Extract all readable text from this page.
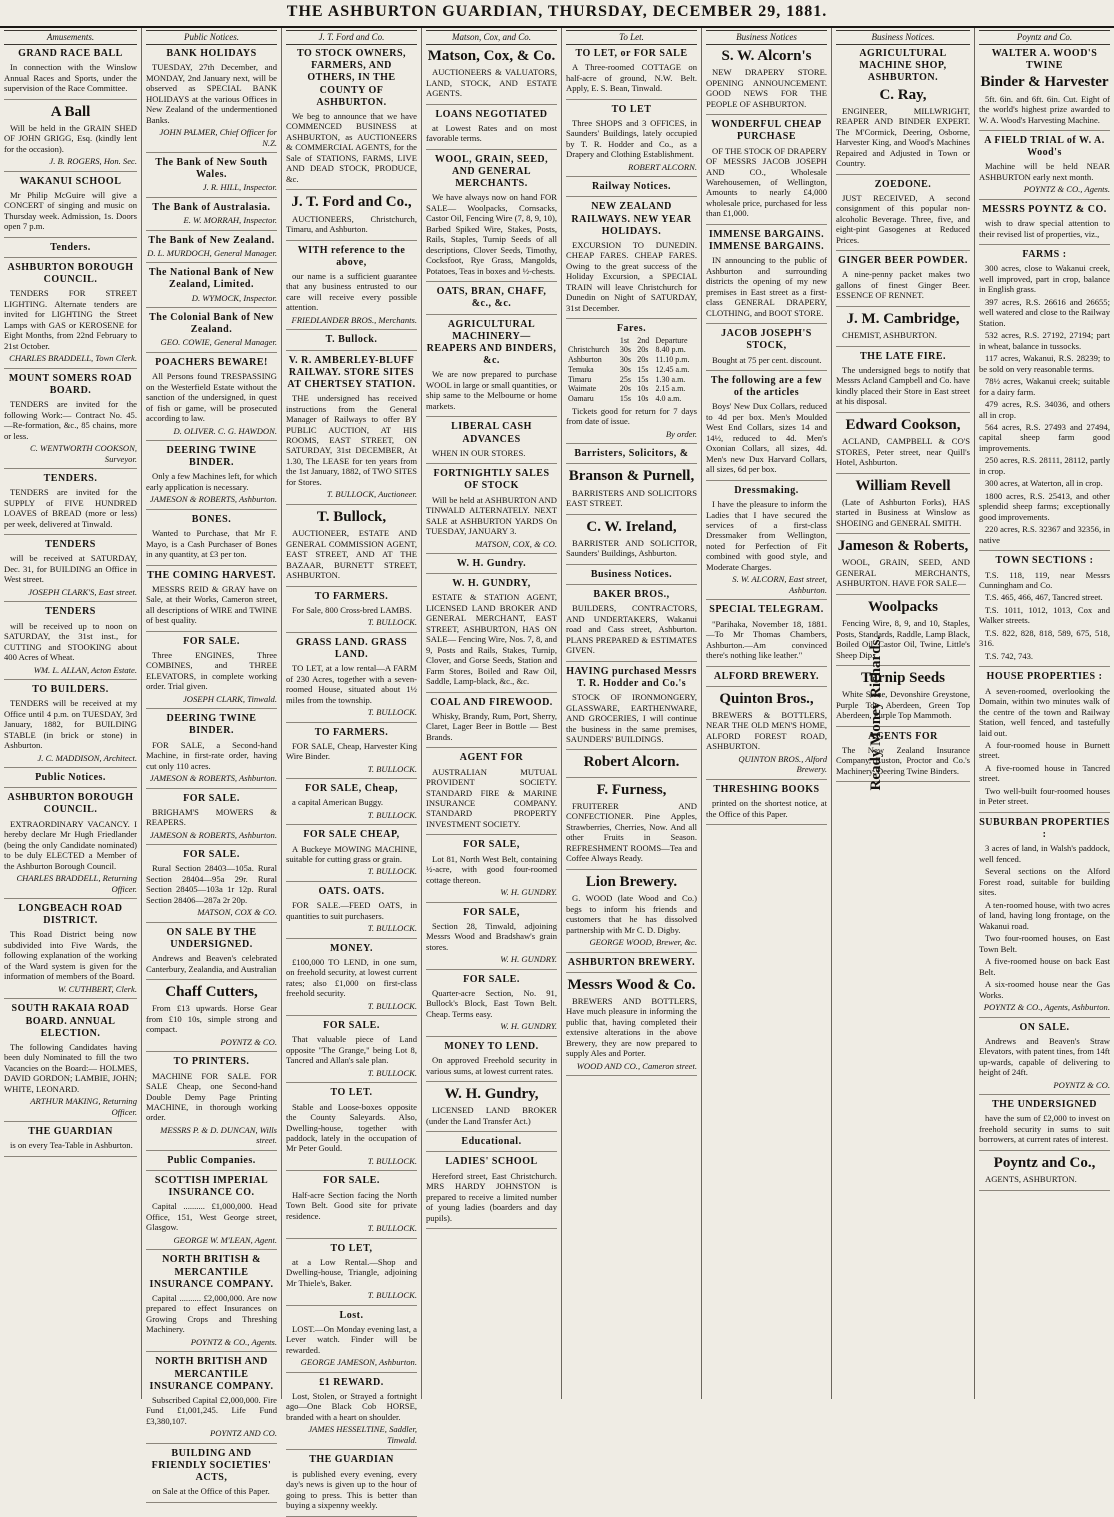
THE ASHBURTON GUARDIAN, THURSDAY, DECEMBER 29, 1881.
Amusements.
GRAND RACE BALL
In connection with the Winslow Annual Races and Sports, under the supervision of the Race Committee.
A Ball
Will be held in the GRAIN SHED OF JOHN GRIGG, Esq. (kindly lent for the occasion).
J. B. ROGERS, Hon. Sec.
WAKANUI SCHOOL
Mr Philip McGuire will give a CONCERT of singing and music on Thursday week. Admission, 1s. Doors open 7 p.m.
Tenders.
ASHBURTON BOROUGH COUNCIL.
TENDERS FOR STREET LIGHTING. Alternate tenders are invited for LIGHTING the Street Lamps with GAS or KEROSENE for Eight Months, from 22nd February to 21st October.
CHARLES BRADDELL, Town Clerk.
MOUNT SOMERS ROAD BOARD.
TENDERS are invited for the following Work:— Contract No. 45.—Re-formation, &c., 85 chains, more or less.
C. WENTWORTH COOKSON, Surveyor.
TENDERS.
TENDERS are invited for the SUPPLY of FIVE HUNDRED LOAVES of BREAD (more or less) per week, delivered at Tinwald.
TENDERS
will be received at SATURDAY, Dec. 31, for BUILDING an Office in West street.
JOSEPH CLARK'S, East street.
TENDERS
will be received up to noon on SATURDAY, the 31st inst., for CUTTING and STOOKING about 400 Acres of Wheat.
WM. L. ALLAN, Acton Estate.
TO BUILDERS.
TENDERS will be received at my Office until 4 p.m. on TUESDAY, 3rd January, 1882, for BUILDING STABLE (in brick or stone) in Ashburton.
J. C. MADDISON, Architect.
Public Notices.
ASHBURTON BOROUGH COUNCIL.
EXTRAORDINARY VACANCY. I hereby declare Mr Hugh Friedlander (being the only Candidate nominated) to be duly ELECTED a Member of the Ashburton Borough Council.
CHARLES BRADDELL, Returning Officer.
LONGBEACH ROAD DISTRICT.
This Road District being now subdivided into Five Wards, the following explanation of the working of the Ward system is given for the information of members of the Board.
W. CUTHBERT, Clerk.
SOUTH RAKAIA ROAD BOARD. ANNUAL ELECTION.
The following Candidates having been duly Nominated to fill the two Vacancies on the Board:— HOLMES, DAVID GORDON; LAMBIE, JOHN; WHITE, LEONARD.
ARTHUR MAKING, Returning Officer.
THE GUARDIAN
is on every Tea-Table in Ashburton.
Public Notices.
BANK HOLIDAYS
TUESDAY, 27th December, and MONDAY, 2nd January next, will be observed as SPECIAL BANK HOLIDAYS at the various Offices in New Zealand of the undermentioned Banks.
JOHN PALMER, Chief Officer for N.Z.
The Bank of New South Wales.
J. R. HILL, Inspector.
The Bank of Australasia.
E. W. MORRAH, Inspector.
The Bank of New Zealand.
D. L. MURDOCH, General Manager.
The National Bank of New Zealand, Limited.
D. WYMOCK, Inspector.
The Colonial Bank of New Zealand.
GEO. COWIE, General Manager.
POACHERS BEWARE!
All Persons found TRESPASSING on the Westerfield Estate without the sanction of the undersigned, in quest of fish or game, will be prosecuted according to law.
D. OLIVER. C. G. HAWDON.
DEERING TWINE BINDER.
Only a few Machines left, for which early application is necessary.
JAMESON & ROBERTS, Ashburton.
BONES.
Wanted to Purchase, that Mr F. Mayo, is a Cash Purchaser of Bones in any quantity, at £3 per ton.
THE COMING HARVEST.
MESSRS REID & GRAY have on Sale, at their Works, Cameron street, all descriptions of WIRE and TWINE of best quality.
FOR SALE.
Three ENGINES, Three COMBINES, and THREE ELEVATORS, in complete working order. Trial given.
JOSEPH CLARK, Tinwald.
DEERING TWINE BINDER.
FOR SALE, a Second-hand Machine, in first-rate order, having cut only 110 acres.
JAMESON & ROBERTS, Ashburton.
FOR SALE.
BRIGHAM'S MOWERS & REAPERS.
JAMESON & ROBERTS, Ashburton.
FOR SALE.
Rural Section 28403—105a. Rural Section 28404—95a 29r. Rural Section 28405—103a 1r 12p. Rural Section 28406—287a 2r 20p.
MATSON, COX & CO.
ON SALE BY THE UNDERSIGNED.
Andrews and Beaven's celebrated Canterbury, Zealandia, and Australian
Chaff Cutters,
From £13 upwards. Horse Gear from £10 10s, simple strong and compact.
POYNTZ & CO.
TO PRINTERS.
MACHINE FOR SALE. FOR SALE Cheap, one Second-hand Double Demy Page Printing MACHINE, in thorough working order.
MESSRS P. & D. DUNCAN, Wills street.
Public Companies.
SCOTTISH IMPERIAL INSURANCE CO.
Capital .......... £1,000,000. Head Office, 151, West George street, Glasgow.
GEORGE W. M'LEAN, Agent.
NORTH BRITISH & MERCANTILE INSURANCE COMPANY.
Capital .......... £2,000,000. Are now prepared to effect Insurances on Growing Crops and Threshing Machinery.
POYNTZ & CO., Agents.
NORTH BRITISH AND MERCANTILE INSURANCE COMPANY.
Subscribed Capital £2,000,000. Fire Fund £1,001,245. Life Fund £3,380,107.
POYNTZ AND CO.
BUILDING AND FRIENDLY SOCIETIES' ACTS,
on Sale at the Office of this Paper.
J. T. Ford and Co.
TO STOCK OWNERS, FARMERS, AND OTHERS, IN THE COUNTY OF ASHBURTON.
We beg to announce that we have COMMENCED BUSINESS at ASHBURTON, as AUCTIONEERS & COMMERCIAL AGENTS, for the Sale of STATIONS, FARMS, LIVE AND DEAD STOCK, PRODUCE, &c.
J. T. Ford and Co.,
AUCTIONEERS, Christchurch, Timaru, and Ashburton.
WITH reference to the above,
our name is a sufficient guarantee that any business entrusted to our care will receive every possible attention.
FRIEDLANDER BROS., Merchants.
T. Bullock.
V. R. AMBERLEY-BLUFF RAILWAY. STORE SITES AT CHERTSEY STATION.
THE undersigned has received instructions from the General Manager of Railways to offer BY PUBLIC AUCTION, AT HIS ROOMS, EAST STREET, ON SATURDAY, 31st DECEMBER, At 1.30, The LEASE for ten years from the 1st January, 1882, of TWO SITES for Stores.
T. BULLOCK, Auctioneer.
T. Bullock,
AUCTIONEER, ESTATE AND GENERAL COMMISSION AGENT, EAST STREET, AND AT THE BAZAAR, BURNETT STREET, ASHBURTON.
TO FARMERS.
For Sale, 800 Cross-bred LAMBS.
T. BULLOCK.
GRASS LAND. GRASS LAND.
TO LET, at a low rental—A FARM of 230 Acres, together with a seven-roomed House, situated about 1½ miles from the township.
T. BULLOCK.
TO FARMERS.
FOR SALE, Cheap, Harvester King Wire Binder.
T. BULLOCK.
FOR SALE, Cheap,
a capital American Buggy.
T. BULLOCK.
FOR SALE CHEAP,
A Buckeye MOWING MACHINE, suitable for cutting grass or grain.
T. BULLOCK.
OATS. OATS.
FOR SALE.—FEED OATS, in quantities to suit purchasers.
T. BULLOCK.
MONEY.
£100,000 TO LEND, in one sum, on freehold security, at lowest current rates; also £1,000 on first-class freehold security.
T. BULLOCK.
FOR SALE.
That valuable piece of Land opposite "The Grange," being Lot 8, Tancred and Allan's sale plan.
T. BULLOCK.
TO LET.
Stable and Loose-boxes opposite the County Saleyards. Also, Dwelling-house, together with paddock, lately in the occupation of Mr Peter Gould.
T. BULLOCK.
FOR SALE.
Half-acre Section facing the North Town Belt. Good site for private residence.
T. BULLOCK.
TO LET,
at a Low Rental.—Shop and Dwelling-house, Triangle, adjoining Mr Thiele's, Baker.
T. BULLOCK.
Lost.
LOST.—On Monday evening last, a Lever watch. Finder will be rewarded.
GEORGE JAMESON, Ashburton.
£1 REWARD.
Lost, Stolen, or Strayed a fortnight ago—One Black Cob HORSE, branded with a heart on shoulder.
JAMES HESSELTINE, Saddler, Tinwald.
THE GUARDIAN
is published every evening, every day's news is given up to the hour of going to press. This is better than buying a sixpenny weekly.
Matson, Cox, and Co.
Matson, Cox, & Co.
AUCTIONEERS & VALUATORS, LAND, STOCK, AND ESTATE AGENTS.
LOANS NEGOTIATED
at Lowest Rates and on most favorable terms.
WOOL, GRAIN, SEED, AND GENERAL MERCHANTS.
We have always now on hand FOR SALE— Woolpacks, Cornsacks, Castor Oil, Fencing Wire (7, 8, 9, 10), Barbed Spiked Wire, Stakes, Posts, Rails, Staples, Turnip Seeds of all descriptions, Clover Seeds, Timothy, Cocksfoot, Rye Grass, Mangolds, Potatoes, Teas in boxes and ½-chests.
OATS, BRAN, CHAFF, &c., &c.
AGRICULTURAL MACHINERY— REAPERS AND BINDERS, &c.
We are now prepared to purchase WOOL in large or small quantities, or ship same to the Melbourne or home markets.
LIBERAL CASH ADVANCES
WHEN IN OUR STORES.
FORTNIGHTLY SALES OF STOCK
Will be held at ASHBURTON AND TINWALD ALTERNATELY. NEXT SALE at ASHBURTON YARDS On TUESDAY, JANUARY 3.
MATSON, COX, & CO.
W. H. Gundry.
W. H. GUNDRY,
ESTATE & STATION AGENT, LICENSED LAND BROKER AND GENERAL MERCHANT, EAST STREET, ASHBURTON, HAS ON SALE— Fencing Wire, Nos. 7, 8, and 9, Posts and Rails, Stakes, Turnip, Clover, and Gorse Seeds, Station and Farm Stores, Boiled and Raw Oil, Saddle, Lamp-black, &c., &c.
COAL AND FIREWOOD.
Whisky, Brandy, Rum, Port, Sherry, Claret, Lager Beer in Bottle — Best Brands.
AGENT FOR
AUSTRALIAN MUTUAL PROVIDENT SOCIETY. STANDARD FIRE & MARINE INSURANCE COMPANY. STANDARD PROPERTY INVESTMENT SOCIETY.
FOR SALE,
Lot 81, North West Belt, containing ½-acre, with good four-roomed cottage thereon.
W. H. GUNDRY.
FOR SALE,
Section 28, Tinwald, adjoining Messrs Wood and Bradshaw's grain stores.
W. H. GUNDRY.
FOR SALE.
Quarter-acre Section, No. 91, Bullock's Block, East Town Belt. Cheap. Terms easy.
W. H. GUNDRY.
MONEY TO LEND.
On approved Freehold security in various sums, at lowest current rates.
W. H. Gundry,
LICENSED LAND BROKER (under the Land Transfer Act.)
Educational.
LADIES' SCHOOL
Hereford street, East Christchurch. MRS HARDY JOHNSTON is prepared to receive a limited number of young ladies (boarders and day pupils).
To Let.
TO LET, or FOR SALE
A Three-roomed COTTAGE on half-acre of ground, N.W. Belt. Apply, E. S. Bean, Tinwald.
TO LET
Three SHOPS and 3 OFFICES, in Saunders' Buildings, lately occupied by T. R. Hodder and Co., as a Drapery and Clothing Establishment.
ROBERT ALCORN.
Railway Notices.
NEW ZEALAND RAILWAYS. NEW YEAR HOLIDAYS.
EXCURSION TO DUNEDIN. CHEAP FARES. CHEAP FARES. Owing to the great success of the Holiday Excursion, a SPECIAL TRAIN will leave Christchurch for Dunedin on Night of SATURDAY, 31st December.
Fares.
	1st	2nd	Departure
Christchurch	30s	20s	8.40 p.m.
Ashburton	30s	20s	11.10 p.m.
Temuka	30s	15s	12.45 a.m.
Timaru	25s	15s	1.30 a.m.
Waimate	20s	10s	2.15 a.m.
Oamaru	15s	10s	4.0 a.m.
Tickets good for return for 7 days from date of issue.
By order.
Barristers, Solicitors, &
Branson & Purnell,
BARRISTERS AND SOLICITORS EAST STREET.
C. W. Ireland,
BARRISTER AND SOLICITOR, Saunders' Buildings, Ashburton.
Business Notices.
BAKER BROS.,
BUILDERS, CONTRACTORS, AND UNDERTAKERS, Wakanui road and Cass street, Ashburton. PLANS PREPARED & ESTIMATES GIVEN.
HAVING purchased Messrs T. R. Hodder and Co.'s
STOCK OF IRONMONGERY, GLASSWARE, EARTHENWARE, AND GROCERIES, I will continue the business in the same premises, SAUNDERS' BUILDINGS.
Robert Alcorn.
F. Furness,
FRUITERER AND CONFECTIONER. Pine Apples, Strawberries, Cherries, Now. And all other Fruits in Season. REFRESHMENT ROOMS—Tea and Coffee Always Ready.
Lion Brewery.
G. WOOD (late Wood and Co.) begs to inform his friends and customers that he has dissolved partnership with Mr C. D. Digby.
GEORGE WOOD, Brewer, &c.
ASHBURTON BREWERY.
Messrs Wood & Co.
BREWERS AND BOTTLERS, Have much pleasure in informing the public that, having completed their extensive alterations in the above Brewery, they are now prepared to supply Ales and Porter.
WOOD AND CO., Cameron street.
Business Notices
S. W. Alcorn's
NEW DRAPERY STORE. OPENING ANNOUNCEMENT. GOOD NEWS FOR THE PEOPLE OF ASHBURTON.
WONDERFUL CHEAP PURCHASE
OF THE STOCK OF DRAPERY OF MESSRS JACOB JOSEPH AND CO., Wholesale Warehousemen, of Wellington, Amounts to nearly £4,000 wholesale price, purchased for less than £1,000.
IMMENSE BARGAINS. IMMENSE BARGAINS.
IN announcing to the public of Ashburton and surrounding districts the opening of my new premises in East street as a first-class GENERAL DRAPERY, CLOTHING, and BOOT STORE.
JACOB JOSEPH'S STOCK,
Bought at 75 per cent. discount.
The following are a few of the articles
Boys' New Dux Collars, reduced to 4d per box. Men's Moulded West End Collars, sizes 14 and 14½, reduced to 4d. Men's Oxonian Collars, all sizes, 4d. Men's new Dux Harvard Collars, all sizes, 6d per box.
Dressmaking.
I have the pleasure to inform the Ladies that I have secured the services of a first-class Dressmaker from Wellington, noted for Perfection of Fit combined with good style, and Moderate Charges.
S. W. ALCORN, East street, Ashburton.
SPECIAL TELEGRAM.
"Parihaka, November 18, 1881.—To Mr Thomas Chambers, Ashburton.—Am convinced there's nothing like leather."
ALFORD BREWERY.
Quinton Bros.,
BREWERS & BOTTLERS, NEAR THE OLD MEN'S HOME, ALFORD FOREST ROAD, ASHBURTON.
QUINTON BROS., Alford Brewery.
THRESHING BOOKS
printed on the shortest notice, at the Office of this Paper.
Business Notices.
Ready Money Richards.
AGRICULTURAL MACHINE SHOP, ASHBURTON.
C. Ray,
ENGINEER, MILLWRIGHT, REAPER AND BINDER EXPERT. The M'Cormick, Deering, Osborne, Harvester King, and Wood's Machines Repaired and Adjusted in Town or Country.
ZOEDONE.
JUST RECEIVED, A second consignment of this popular non-alcoholic Beverage. Three, five, and eight-pint Gasogenes at Reduced Prices.
GINGER BEER POWDER.
A nine-penny packet makes two gallons of finest Ginger Beer. ESSENCE OF RENNET.
J. M. Cambridge,
CHEMIST, ASHBURTON.
THE LATE FIRE.
The undersigned begs to notify that Messrs Acland Campbell and Co. have kindly placed their Store in East street at his disposal.
Edward Cookson,
ACLAND, CAMPBELL & CO'S STORES, Peter street, near Quill's Hotel, Ashburton.
William Revell
(Late of Ashburton Forks), HAS started in Business at Winslow as SHOEING and GENERAL SMITH.
Jameson & Roberts,
WOOL, GRAIN, SEED, AND GENERAL MERCHANTS, ASHBURTON. HAVE FOR SALE—
Woolpacks
Fencing Wire, 8, 9, and 10, Staples, Posts, Standards, Raddle, Lamp Black, Boiled Oil, Castor Oil, Twine, Little's Sheep Dip.
Turnip Seeds
White Stone, Devonshire Greystone, Purple Top Aberdeen, Green Top Aberdeen, Purple Top Mammoth.
AGENTS FOR
The New Zealand Insurance Company, Ruston, Proctor and Co.'s Machinery, Deering Twine Binders.
Poyntz and Co.
WALTER A. WOOD'S TWINE
Binder & Harvester
5ft. 6in. and 6ft. 6in. Cut. Eight of the world's highest prize awarded to W. A. Wood's Harvesting Machine.
A FIELD TRIAL of W. A. Wood's
Machine will be held NEAR ASHBURTON early next month.
POYNTZ & CO., Agents.
MESSRS POYNTZ & CO.
wish to draw special attention to their revised list of properties, viz.,
FARMS :
300 acres, close to Wakanui creek, well improved, part in crop, balance in English grass.
397 acres, R.S. 26616 and 26655; well watered and close to the Railway Station.
532 acres, R.S. 27192, 27194; part in wheat, balance in tussocks.
117 acres, Wakanui, R.S. 28239; to be sold on very reasonable terms.
78½ acres, Wakanui creek; suitable for a dairy farm.
479 acres, R.S. 34036, and others all in crop.
564 acres, R.S. 27493 and 27494, capital sheep farm good improvements.
250 acres, R.S. 28111, 28112, partly in crop.
300 acres, at Waterton, all in crop.
1800 acres, R.S. 25413, and other splendid sheep farms; exceptionally good improvements.
220 acres, R.S. 32367 and 32356, in native
TOWN SECTIONS :
T.S. 118, 119, near Messrs Cunningham and Co.
T.S. 465, 466, 467, Tancred street.
T.S. 1011, 1012, 1013, Cox and Walker streets.
T.S. 822, 828, 818, 589, 675, 518, 316.
T.S. 742, 743.
HOUSE PROPERTIES :
A seven-roomed, overlooking the Domain, within two minutes walk of the centre of the town and Railway Station, well fenced, and tastefully laid out.
A four-roomed house in Burnett street.
A five-roomed house in Tancred street.
Two well-built four-roomed houses in Peter street.
SUBURBAN PROPERTIES :
3 acres of land, in Walsh's paddock, well fenced.
Several sections on the Alford Forest road, suitable for building sites.
A ten-roomed house, with two acres of land, having long frontage, on the Wakanui road.
Two four-roomed houses, on East Town Belt.
A five-roomed house on back East Belt.
A six-roomed house near the Gas Works.
POYNTZ & CO., Agents, Ashburton.
ON SALE.
Andrews and Beaven's Straw Elevators, with patent tines, from 14ft up-wards, capable of delivering to height of 24ft.
POYNTZ & CO.
THE UNDERSIGNED
have the sum of £2,000 to invest on freehold security in sums to suit borrowers, at current rates of interest.
Poyntz and Co.,
AGENTS, ASHBURTON.
